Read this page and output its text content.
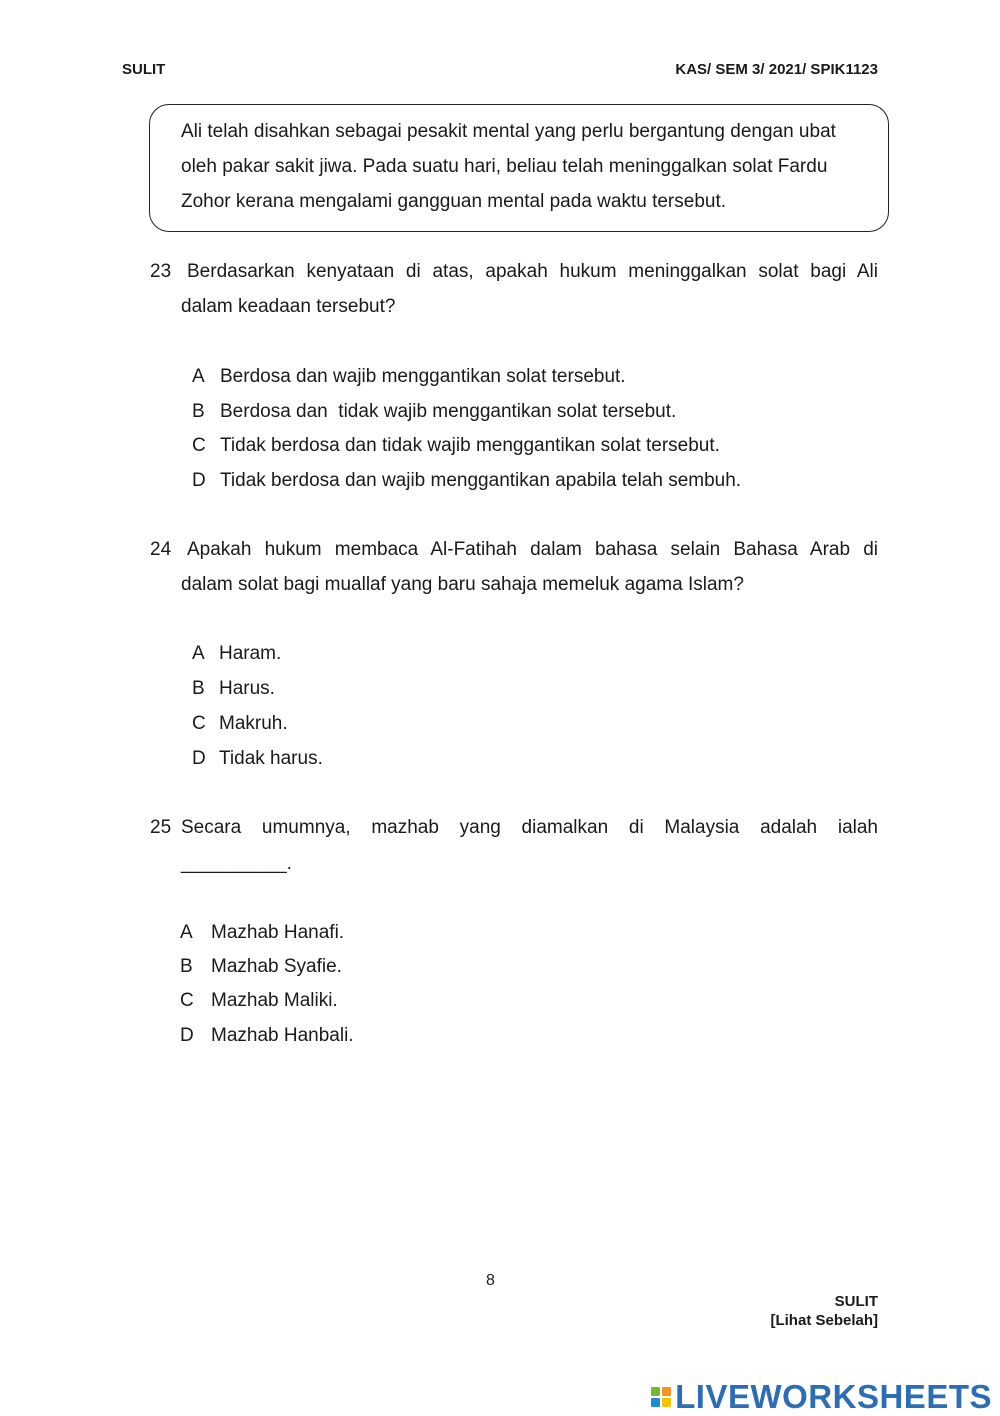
SULIT	KAS/ SEM 3/ 2021/ SPIK1123
Ali telah disahkan sebagai pesakit mental yang perlu bergantung dengan ubat
oleh pakar sakit jiwa. Pada suatu hari, beliau telah meninggalkan solat Fardu
Zohor kerana mengalami gangguan mental pada waktu tersebut.
23 Berdasarkan kenyataan di atas, apakah hukum meninggalkan solat bagi Ali
dalam keadaan tersebut?
A Berdosa dan wajib menggantikan solat tersebut.
B Berdosa dan  tidak wajib menggantikan solat tersebut.
C Tidak berdosa dan tidak wajib menggantikan solat tersebut.
D Tidak berdosa dan wajib menggantikan apabila telah sembuh.
24 Apakah hukum membaca Al-Fatihah dalam bahasa selain Bahasa Arab di
dalam solat bagi muallaf yang baru sahaja memeluk agama Islam?
A Haram.
B Harus.
C Makruh.
D Tidak harus.
25 Secara umumnya, mazhab yang diamalkan di Malaysia adalah ialah
__________.
A Mazhab Hanafi.
B Mazhab Syafie.
C Mazhab Maliki.
D Mazhab Hanbali.
8
SULIT
[Lihat Sebelah]
LIVEWORKSHEETS
